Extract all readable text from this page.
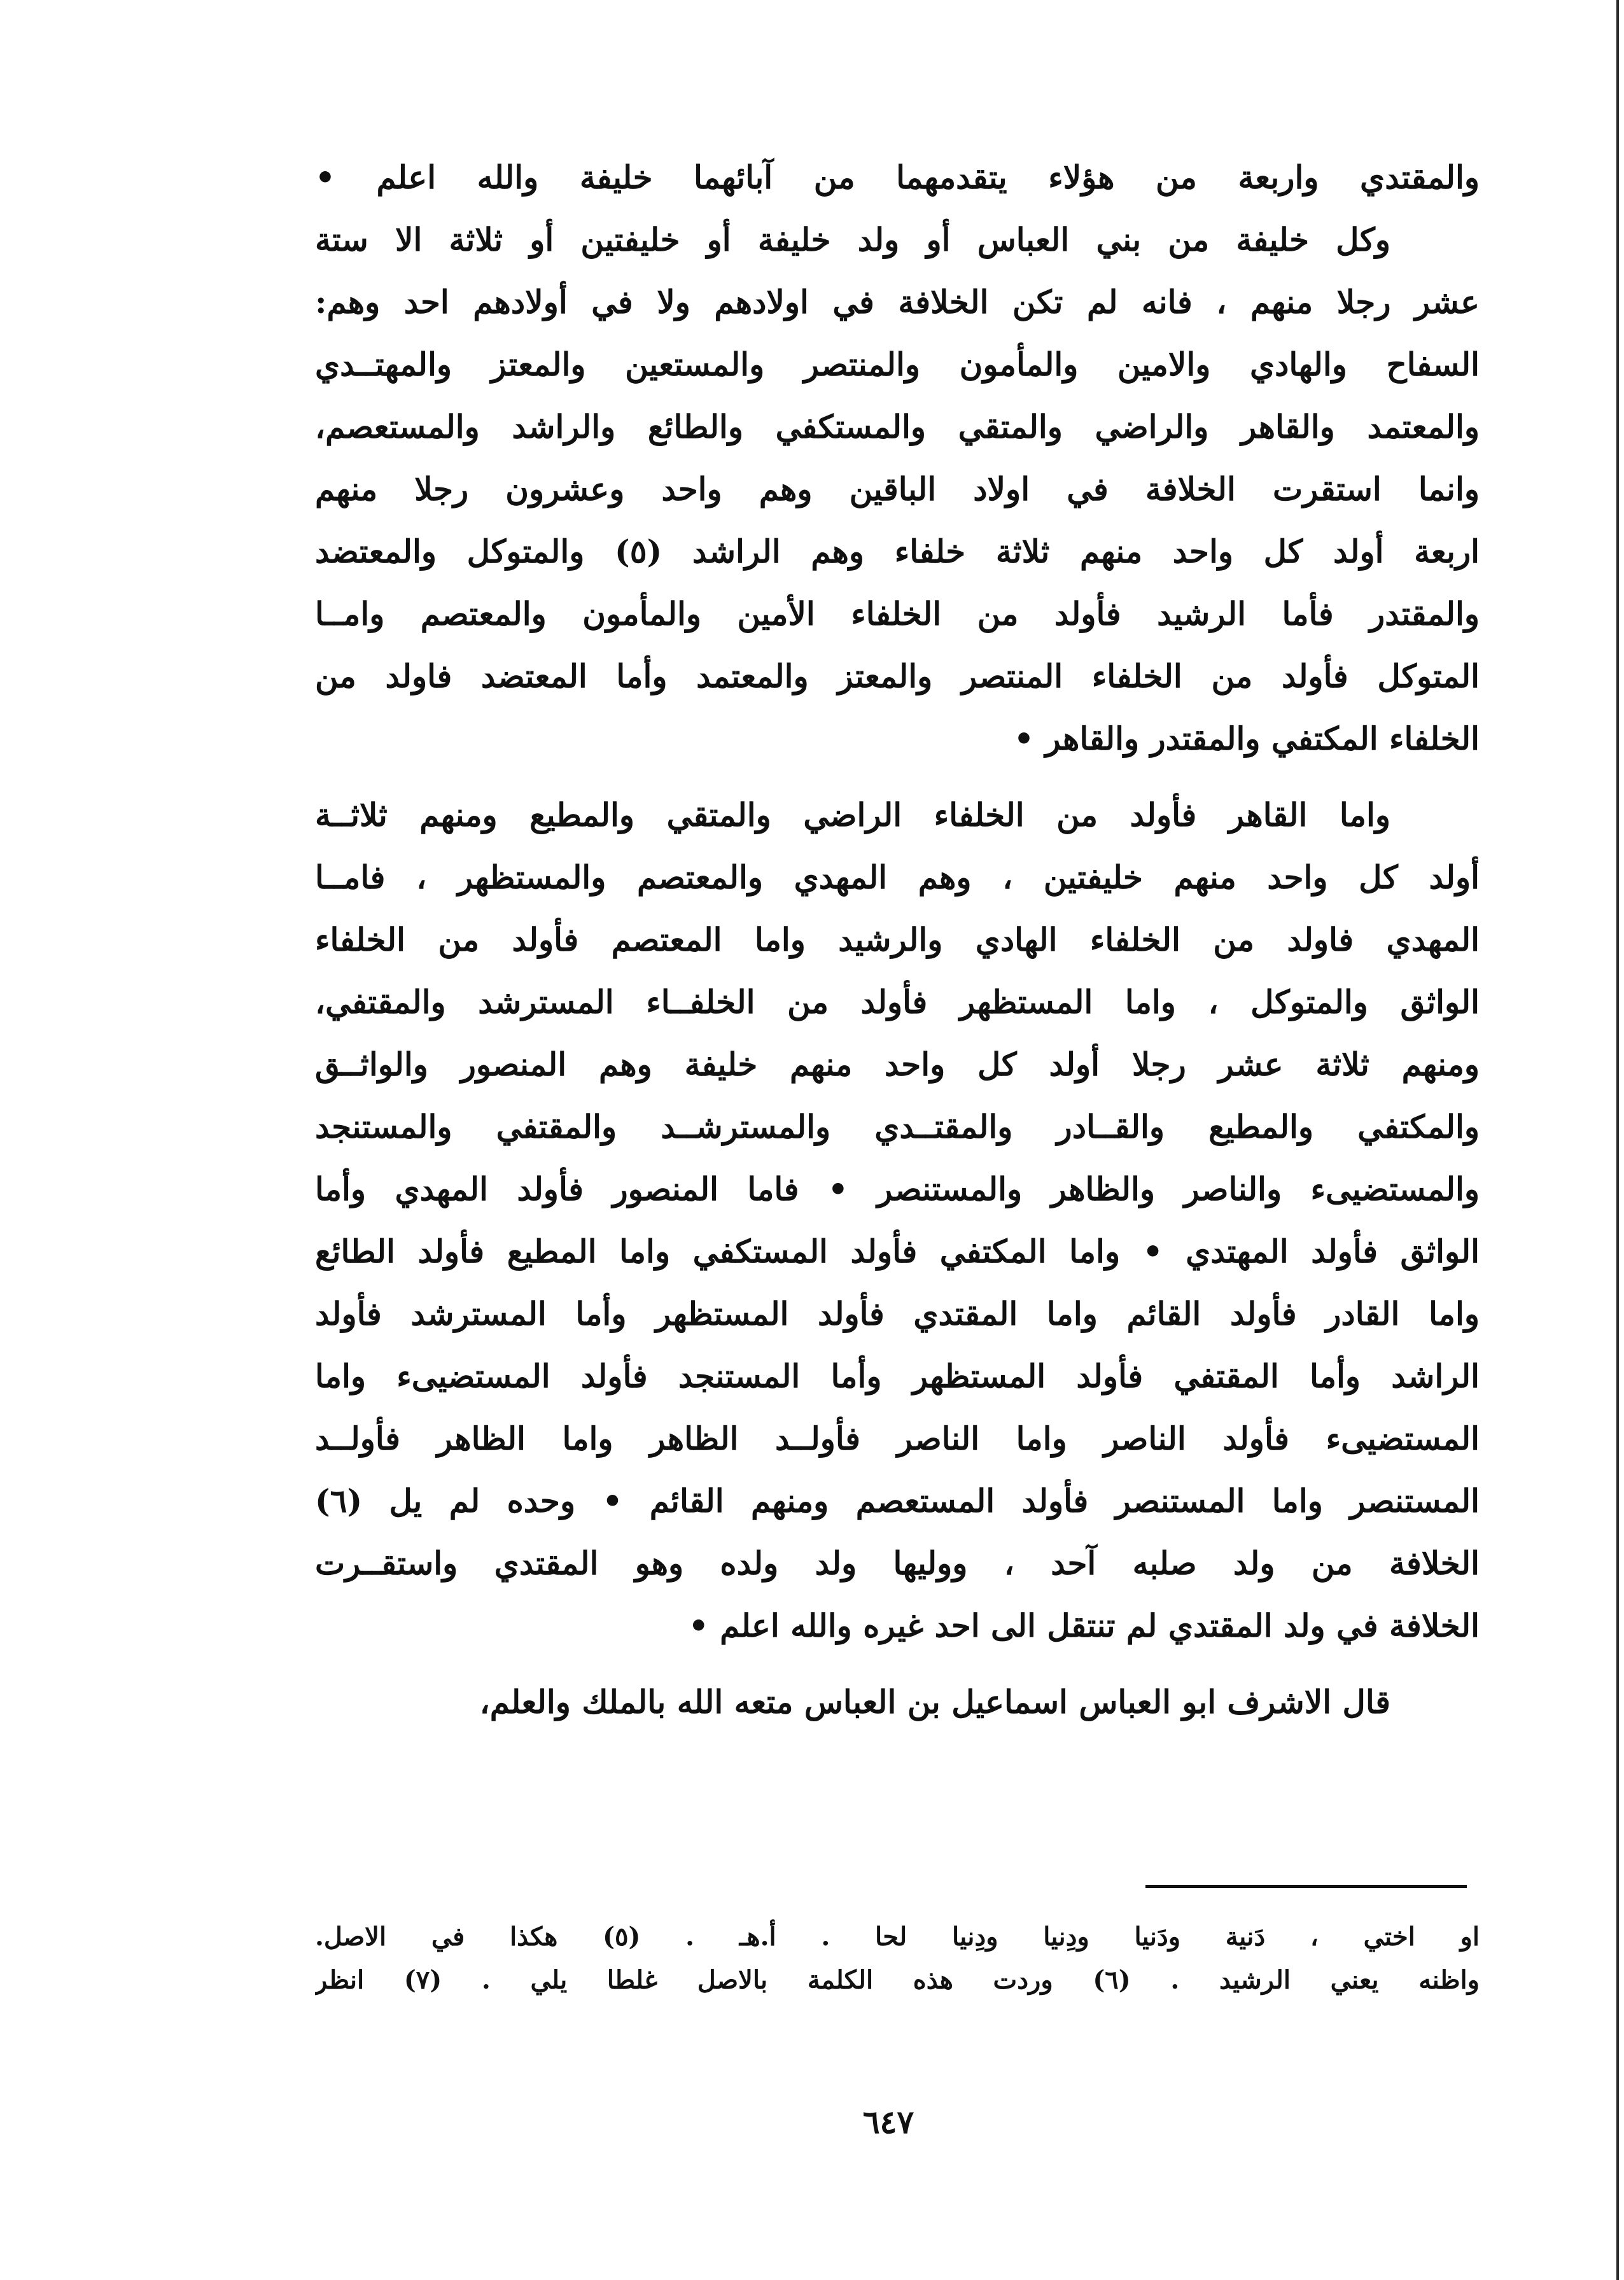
والمقتدي واربعة من هؤلاء يتقدمهما من آبائهما خليفة والله اعلم •
وكل خليفة من بني العباس أو ولد خليفة أو خليفتين أو ثلاثة الا ستة
عشر رجلا منهم ، فانه لم تكن الخلافة في اولادهم ولا في أولادهم احد وهم:
السفاح والهادي والامين والمأمون والمنتصر والمستعين والمعتز والمهتــدي
والمعتمد والقاهر والراضي والمتقي والمستكفي والطائع والراشد والمستعصم،
وانما استقرت الخلافة في اولاد الباقين وهم واحد وعشرون رجلا منهم
اربعة أولد كل واحد منهم ثلاثة خلفاء وهم الراشد (٥) والمتوكل والمعتضد
والمقتدر فأما الرشيد فأولد من الخلفاء الأمين والمأمون والمعتصم وامــا
المتوكل فأولد من الخلفاء المنتصر والمعتز والمعتمد وأما المعتضد فاولد من
الخلفاء المكتفي والمقتدر والقاهر •
واما القاهر فأولد من الخلفاء الراضي والمتقي والمطيع ومنهم ثلاثــة
أولد كل واحد منهم خليفتين ، وهم المهدي والمعتصم والمستظهر ، فامــا
المهدي فاولد من الخلفاء الهادي والرشيد واما المعتصم فأولد من الخلفاء
الواثق والمتوكل ، واما المستظهر فأولد من الخلفــاء المسترشد والمقتفي،
ومنهم ثلاثة عشر رجلا أولد كل واحد منهم خليفة وهم المنصور والواثــق
والمكتفي والمطيع والقــادر والمقتــدي والمسترشــد والمقتفي والمستنجد
والمستضيىء والناصر والظاهر والمستنصر • فاما المنصور فأولد المهدي وأما
الواثق فأولد المهتدي • واما المكتفي فأولد المستكفي واما المطيع فأولد الطائع
واما القادر فأولد القائم واما المقتدي فأولد المستظهر وأما المسترشد فأولد
الراشد وأما المقتفي فأولد المستظهر وأما المستنجد فأولد المستضيىء واما
المستضيىء فأولد الناصر واما الناصر فأولــد الظاهر واما الظاهر فأولــد
المستنصر واما المستنصر فأولد المستعصم ومنهم القائم • وحده لم يل (٦)
الخلافة من ولد صلبه آحد ، ووليها ولد ولده وهو المقتدي واستقــرت
الخلافة في ولد المقتدي لم تنتقل الى احد غيره والله اعلم •
قال الاشرف ابو العباس اسماعيل بن العباس متعه الله بالملك والعلم،
او اختي ، دَنية ودَنيا ودِنيا ودِنيا لحا . أ.هـ . (٥) هكذا في الاصل.
واظنه يعني الرشيد . (٦) وردت هذه الكلمة بالاصل غلطا يلي . (٧) انظر
٦٤٧
